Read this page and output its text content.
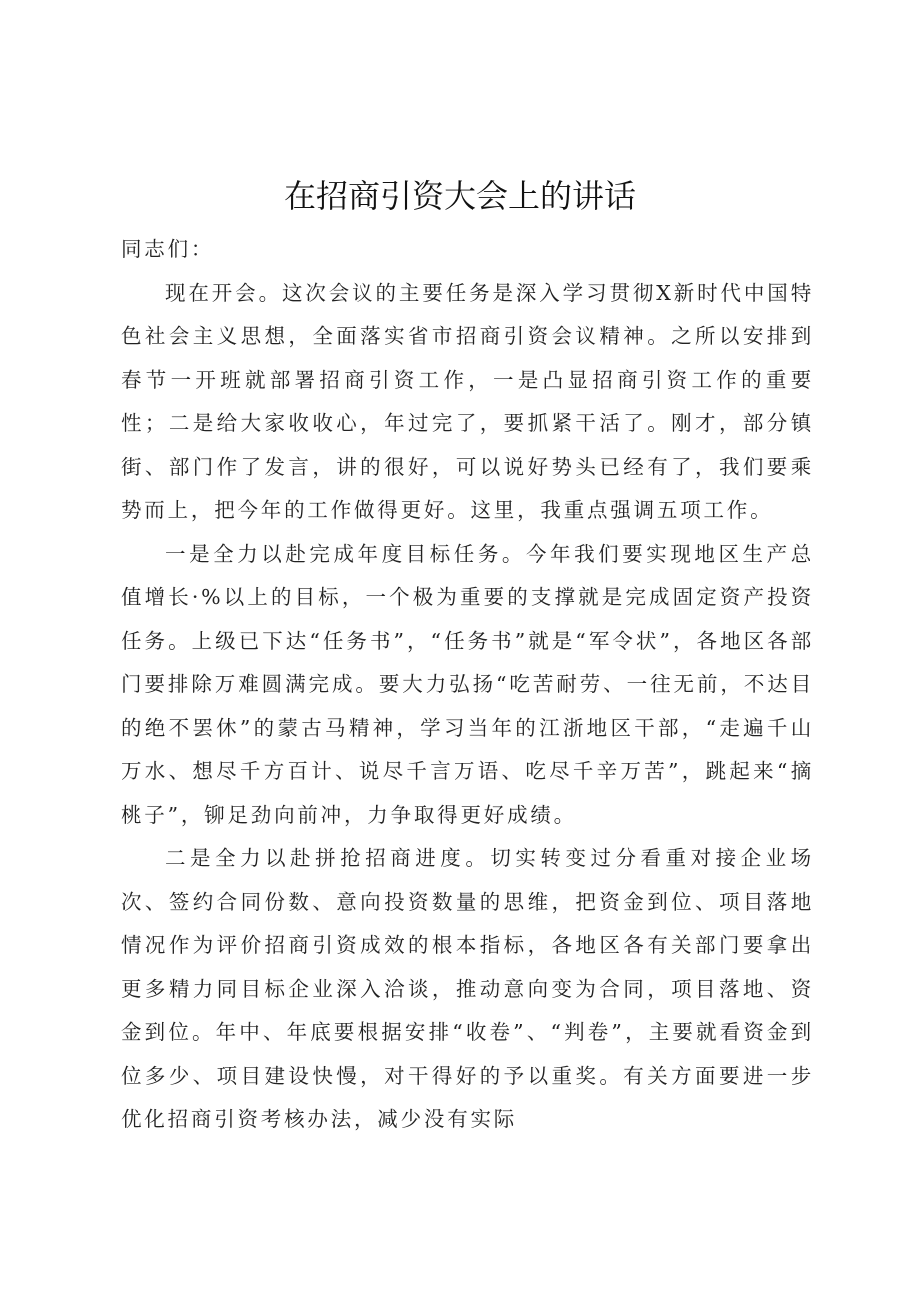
在招商引资大会上的讲话

同志们：

现在开会。这次会议的主要任务是深入学习贯彻X新时代中国特色社会主义思想，全面落实省市招商引资会议精神。之所以安排到春节一开班就部署招商引资工作，一是凸显招商引资工作的重要性；二是给大家收收心，年过完了，要抓紧干活了。刚才，部分镇街、部门作了发言，讲的很好，可以说好势头已经有了，我们要乘势而上，把今年的工作做得更好。这里，我重点强调五项工作。

一是全力以赴完成年度目标任务。今年我们要实现地区生产总值增长·%以上的目标，一个极为重要的支撑就是完成固定资产投资任务。上级已下达“任务书”，“任务书”就是“军令状”，各地区各部门要排除万难圆满完成。要大力弘扬“吃苦耐劳、一往无前，不达目的绝不罢休”的蒙古马精神，学习当年的江浙地区干部，“走遍千山万水、想尽千方百计、说尽千言万语、吃尽千辛万苦”，跳起来“摘桃子”，铆足劲向前冲，力争取得更好成绩。

二是全力以赴拼抢招商进度。切实转变过分看重对接企业场次、签约合同份数、意向投资数量的思维，把资金到位、项目落地情况作为评价招商引资成效的根本指标，各地区各有关部门要拿出更多精力同目标企业深入洽谈，推动意向变为合同，项目落地、资金到位。年中、年底要根据安排“收卷”、“判卷”，主要就看资金到位多少、项目建设快慢，对干得好的予以重奖。有关方面要进一步优化招商引资考核办法，减少没有实际
